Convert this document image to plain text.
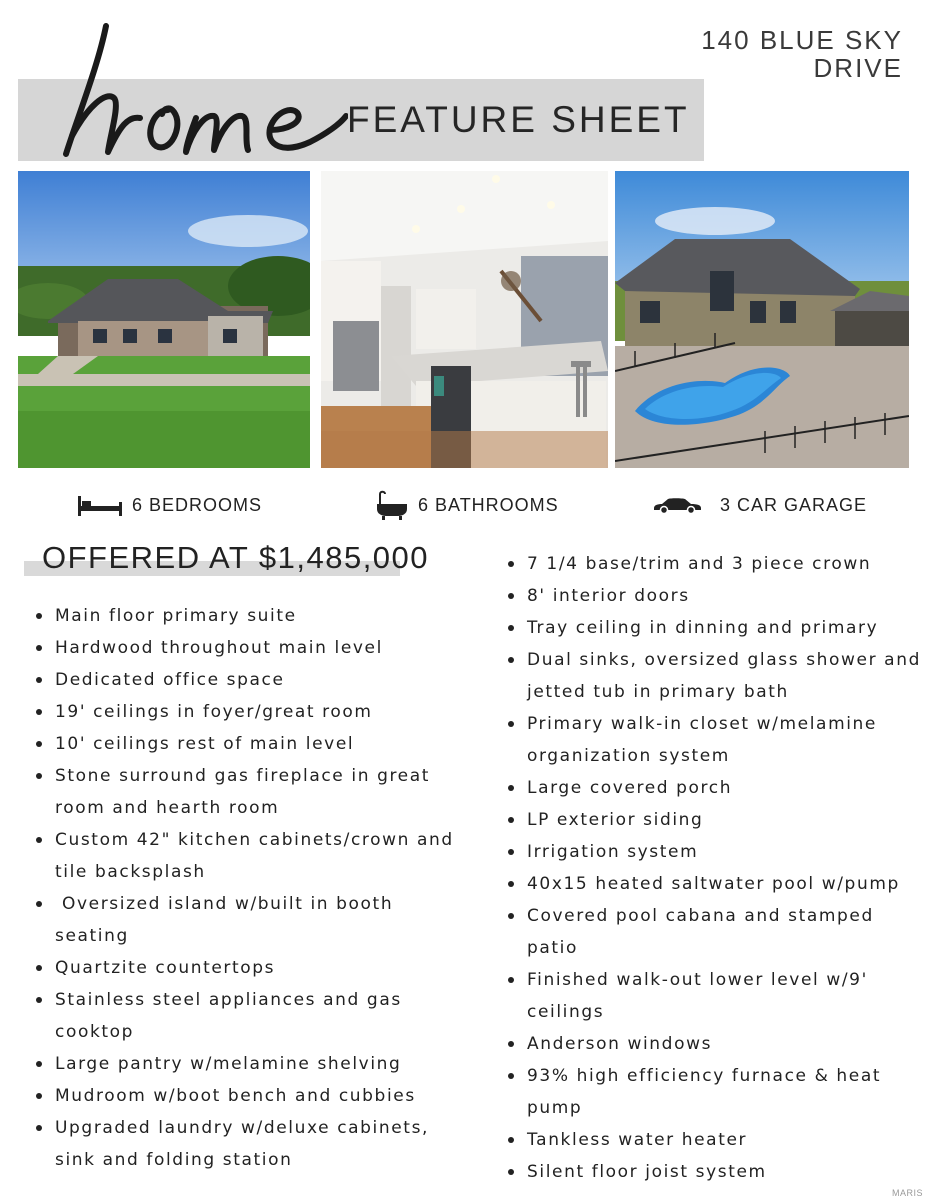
140 BLUE SKY DRIVE
FEATURE SHEET
6 BEDROOMS	6 BATHROOMS	3 CAR GARAGE
OFFERED AT $1,485,000
Main floor primary suite
Hardwood throughout main level
Dedicated office space
19' ceilings in foyer/great room
10' ceilings rest of main level
Stone surround gas fireplace in great room and hearth room
Custom 42" kitchen cabinets/crown and tile backsplash
Oversized island w/built in booth seating
Quartzite countertops
Stainless steel appliances and gas cooktop
Large pantry w/melamine shelving
Mudroom w/boot bench and cubbies
Upgraded laundry w/deluxe cabinets, sink and folding station
7 1/4 base/trim and 3 piece crown
8' interior doors
Tray ceiling in dinning and primary
Dual sinks, oversized glass shower and jetted tub in primary bath
Primary walk-in closet w/melamine organization system
Large covered porch
LP exterior siding
Irrigation system
40x15 heated saltwater pool w/pump
Covered pool cabana and stamped patio
Finished walk-out lower level w/9' ceilings
Anderson windows
93% high efficiency furnace & heat pump
Tankless water heater
Silent floor joist system
MARIS
